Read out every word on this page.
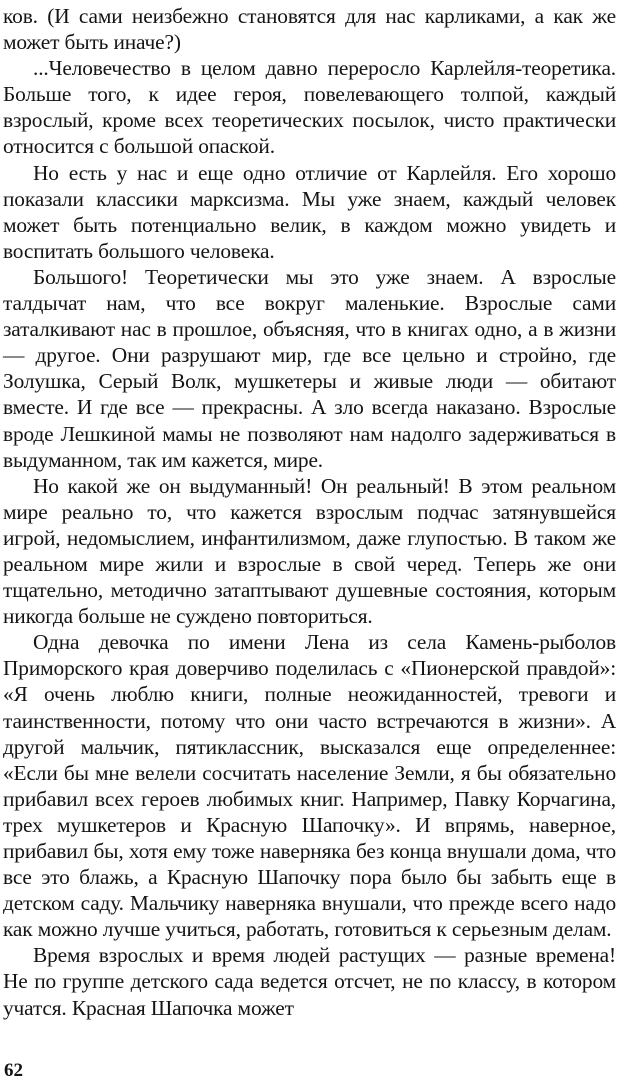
ков. (И сами неизбежно становятся для нас карликами, а как же может быть иначе?)

...Человечество в целом давно переросло Карлейля-теоретика. Больше того, к идее героя, повелевающего толпой, каждый взрослый, кроме всех теоретических посылок, чисто практически относится с большой опаской.

Но есть у нас и еще одно отличие от Карлейля. Его хорошо показали классики марксизма. Мы уже знаем, каждый человек может быть потенциально велик, в каждом можно увидеть и воспитать большого человека.

Большого! Теоретически мы это уже знаем. А взрослые талдычат нам, что все вокруг маленькие. Взрослые сами заталкивают нас в прошлое, объясняя, что в книгах одно, а в жизни — другое. Они разрушают мир, где все цельно и стройно, где Золушка, Серый Волк, мушкетеры и живые люди — обитают вместе. И где все — прекрасны. А зло всегда наказано. Взрослые вроде Лешкиной мамы не позволяют нам надолго задерживаться в выдуманном, так им кажется, мире.

Но какой же он выдуманный! Он реальный! В этом реальном мире реально то, что кажется взрослым подчас затянувшейся игрой, недомыслием, инфантилизмом, даже глупостью. В таком же реальном мире жили и взрослые в свой черед. Теперь же они тщательно, методично затаптывают душевные состояния, которым никогда больше не суждено повториться.

Одна девочка по имени Лена из села Камень-рыболов Приморского края доверчиво поделилась с «Пионерской правдой»: «Я очень люблю книги, полные неожиданностей, тревоги и таинственности, потому что они часто встречаются в жизни». А другой мальчик, пятиклассник, высказался еще определеннее: «Если бы мне велели сосчитать население Земли, я бы обязательно прибавил всех героев любимых книг. Например, Павку Корчагина, трех мушкетеров и Красную Шапочку». И впрямь, наверное, прибавил бы, хотя ему тоже наверняка без конца внушали дома, что все это блажь, а Красную Шапочку пора было бы забыть еще в детском саду. Мальчику наверняка внушали, что прежде всего надо как можно лучше учиться, работать, готовиться к серьезным делам.

Время взрослых и время людей растущих — разные времена! Не по группе детского сада ведется отсчет, не по классу, в котором учатся. Красная Шапочка может

62
